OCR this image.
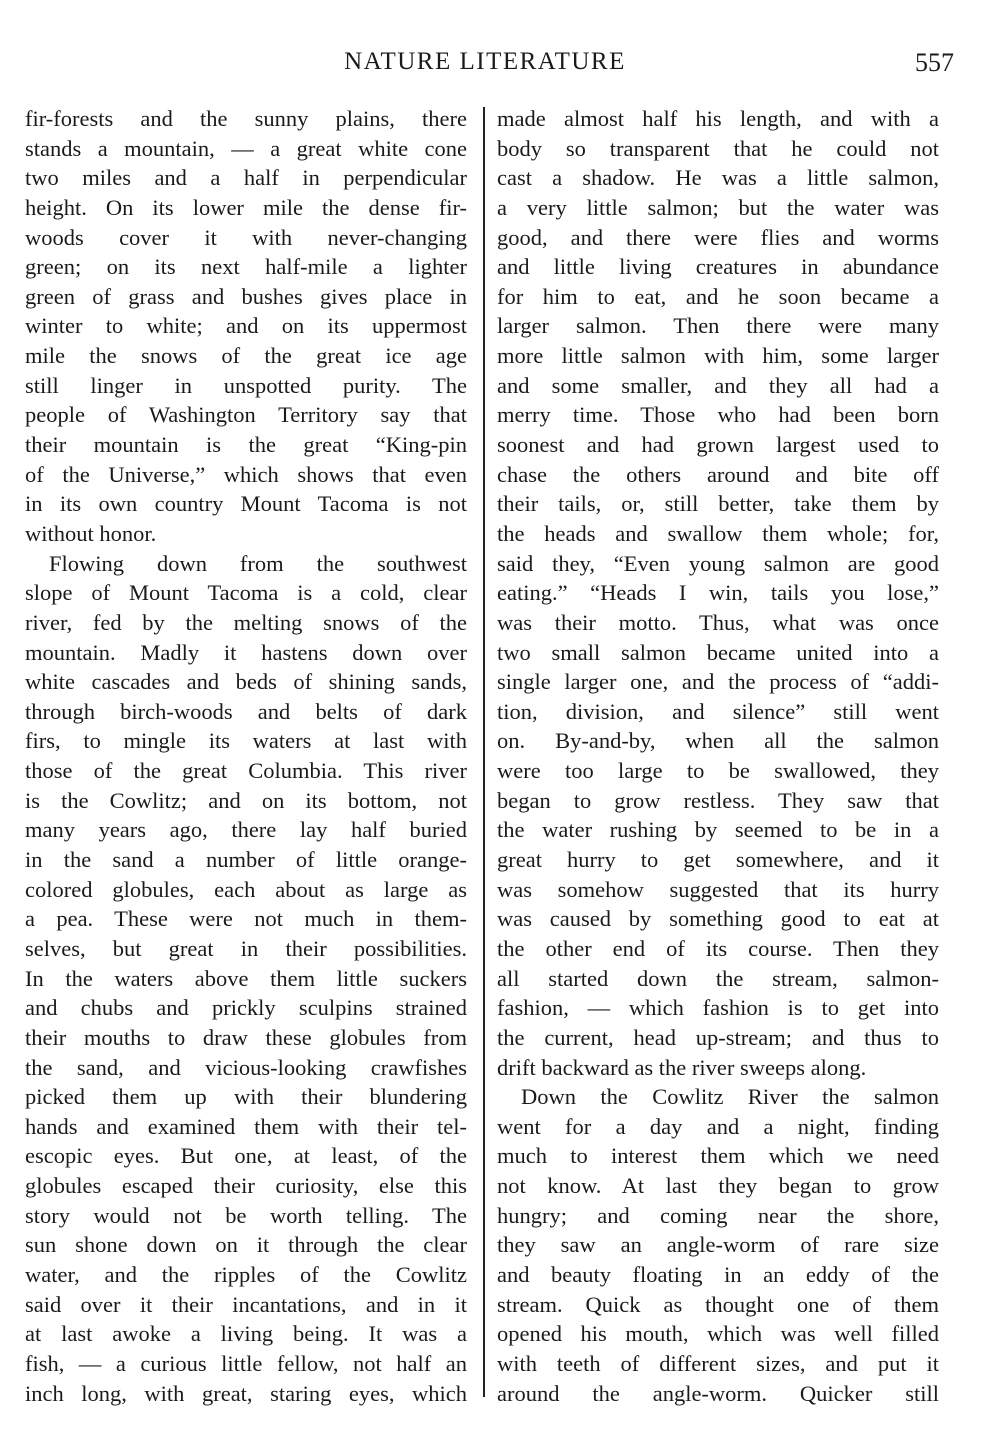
NATURE LITERATURE	557
fir-forests and the sunny plains, there
stands a mountain, — a great white cone
two miles and a half in perpendicular
height. On its lower mile the dense fir-
woods cover it with never-changing
green; on its next half-mile a lighter
green of grass and bushes gives place in
winter to white; and on its uppermost
mile the snows of the great ice age
still linger in unspotted purity. The
people of Washington Territory say that
their mountain is the great “King-pin
of the Universe,” which shows that even
in its own country Mount Tacoma is not
without honor.
Flowing down from the southwest
slope of Mount Tacoma is a cold, clear
river, fed by the melting snows of the
mountain. Madly it hastens down over
white cascades and beds of shining sands,
through birch-woods and belts of dark
firs, to mingle its waters at last with
those of the great Columbia. This river
is the Cowlitz; and on its bottom, not
many years ago, there lay half buried
in the sand a number of little orange-
colored globules, each about as large as
a pea. These were not much in them-
selves, but great in their possibilities.
In the waters above them little suckers
and chubs and prickly sculpins strained
their mouths to draw these globules from
the sand, and vicious-looking crawfishes
picked them up with their blundering
hands and examined them with their tel-
escopic eyes. But one, at least, of the
globules escaped their curiosity, else this
story would not be worth telling. The
sun shone down on it through the clear
water, and the ripples of the Cowlitz
said over it their incantations, and in it
at last awoke a living being. It was a
fish, — a curious little fellow, not half an
inch long, with great, staring eyes, which
made almost half his length, and with a
body so transparent that he could not
cast a shadow. He was a little salmon,
a very little salmon; but the water was
good, and there were flies and worms
and little living creatures in abundance
for him to eat, and he soon became a
larger salmon. Then there were many
more little salmon with him, some larger
and some smaller, and they all had a
merry time. Those who had been born
soonest and had grown largest used to
chase the others around and bite off
their tails, or, still better, take them by
the heads and swallow them whole; for,
said they, “Even young salmon are good
eating.” “Heads I win, tails you lose,”
was their motto. Thus, what was once
two small salmon became united into a
single larger one, and the process of “addi-
tion, division, and silence” still went
on. By-and-by, when all the salmon
were too large to be swallowed, they
began to grow restless. They saw that
the water rushing by seemed to be in a
great hurry to get somewhere, and it
was somehow suggested that its hurry
was caused by something good to eat at
the other end of its course. Then they
all started down the stream, salmon-
fashion, — which fashion is to get into
the current, head up-stream; and thus to
drift backward as the river sweeps along.
Down the Cowlitz River the salmon
went for a day and a night, finding
much to interest them which we need
not know. At last they began to grow
hungry; and coming near the shore,
they saw an angle-worm of rare size
and beauty floating in an eddy of the
stream. Quick as thought one of them
opened his mouth, which was well filled
with teeth of different sizes, and put it
around the angle-worm. Quicker still
